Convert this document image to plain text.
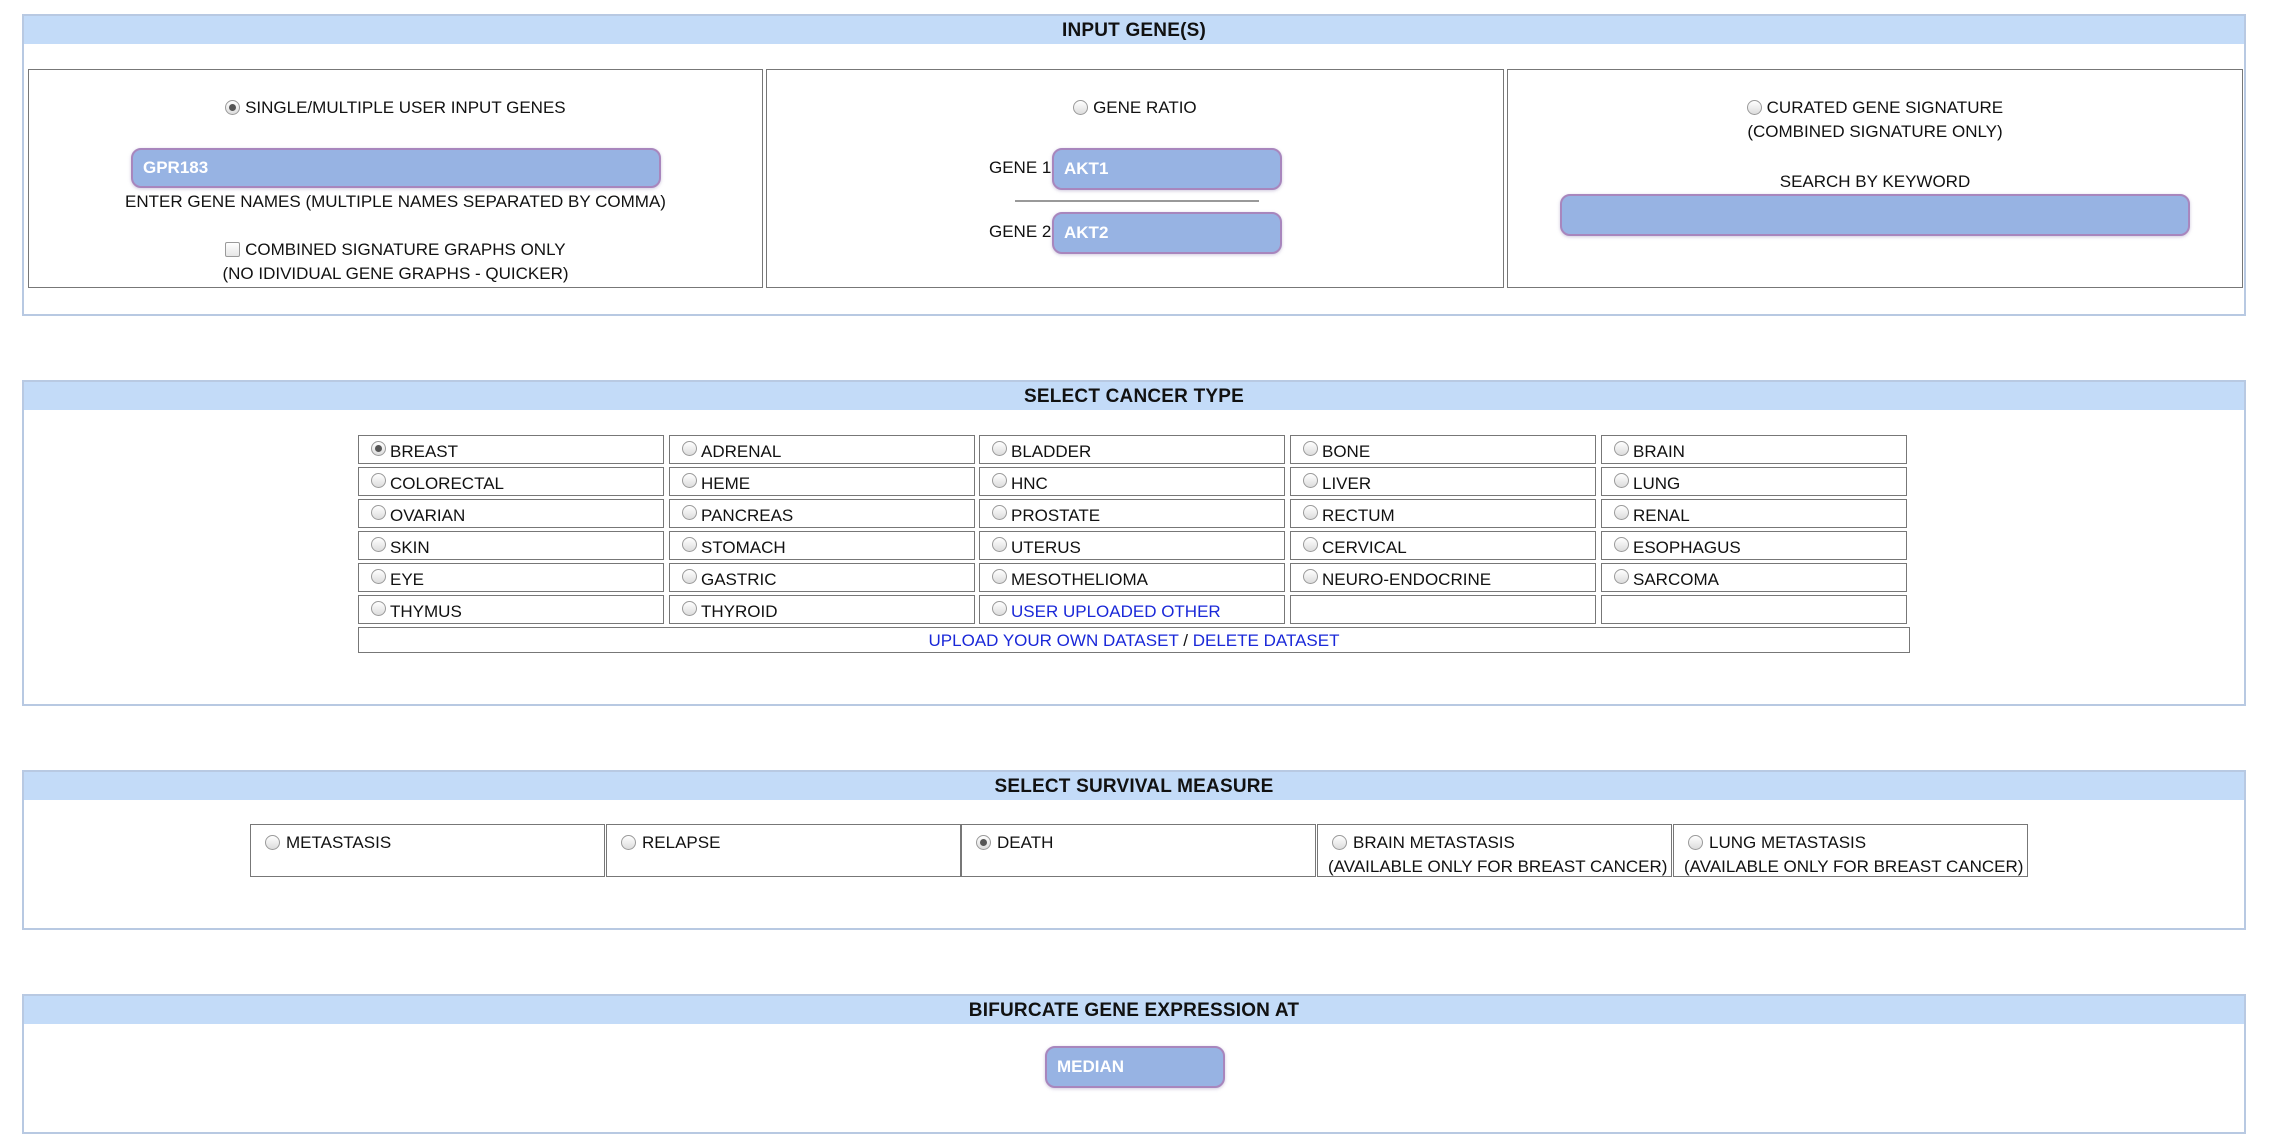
INPUT GENE(S)
SINGLE/MULTIPLE USER INPUT GENES
GPR183
ENTER GENE NAMES (MULTIPLE NAMES SEPARATED BY COMMA)
COMBINED SIGNATURE GRAPHS ONLY
(NO IDIVIDUAL GENE GRAPHS - QUICKER)
GENE RATIO
GENE 1
AKT1
GENE 2
AKT2
CURATED GENE SIGNATURE
(COMBINED SIGNATURE ONLY)
SEARCH BY KEYWORD
SELECT CANCER TYPE
BREAST	ADRENAL	BLADDER	BONE	BRAIN
COLORECTAL	HEME	HNC	LIVER	LUNG
OVARIAN	PANCREAS	PROSTATE	RECTUM	RENAL
SKIN	STOMACH	UTERUS	CERVICAL	ESOPHAGUS
EYE	GASTRIC	MESOTHELIOMA	NEURO-ENDOCRINE	SARCOMA
THYMUS	THYROID	USER UPLOADED OTHER
UPLOAD YOUR OWN DATASET / DELETE DATASET
SELECT SURVIVAL MEASURE
METASTASIS	RELAPSE	DEATH	BRAIN METASTASIS
(AVAILABLE ONLY FOR BREAST CANCER)
LUNG METASTASIS
(AVAILABLE ONLY FOR BREAST CANCER)
BIFURCATE GENE EXPRESSION AT
MEDIAN
